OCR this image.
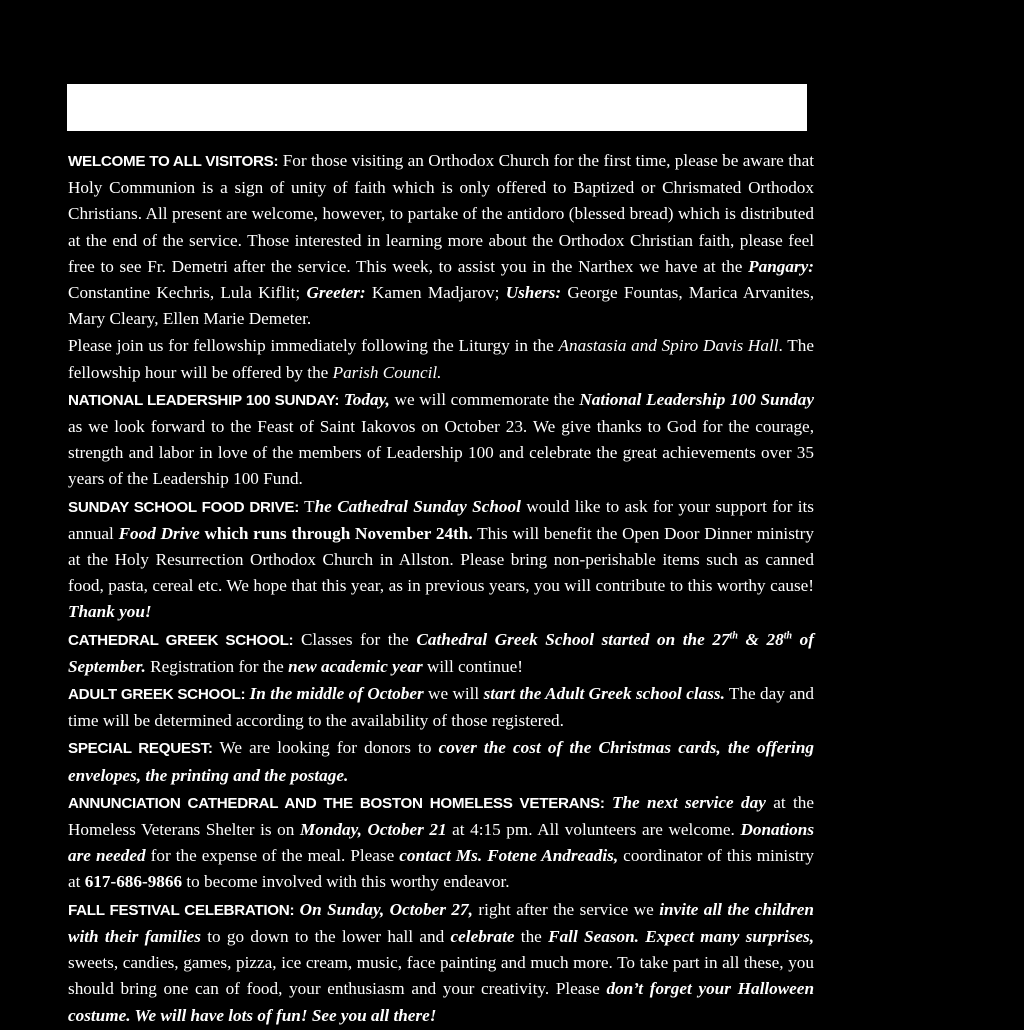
WELCOME TO ALL VISITORS: For those visiting an Orthodox Church for the first time, please be aware that Holy Communion is a sign of unity of faith which is only offered to Baptized or Chrismated Orthodox Christians. All present are welcome, however, to partake of the antidoro (blessed bread) which is distributed at the end of the service. Those interested in learning more about the Orthodox Christian faith, please feel free to see Fr. Demetri after the service. This week, to assist you in the Narthex we have at the Pangary: Constantine Kechris, Lula Kiflit; Greeter: Kamen Madjarov; Ushers: George Fountas, Marica Arvanites, Mary Cleary, Ellen Marie Demeter.

Please join us for fellowship immediately following the Liturgy in the Anastasia and Spiro Davis Hall. The fellowship hour will be offered by the Parish Council.

NATIONAL LEADERSHIP 100 SUNDAY: Today, we will commemorate the National Leadership 100 Sunday as we look forward to the Feast of Saint Iakovos on October 23. We give thanks to God for the courage, strength and labor in love of the members of Leadership 100 and celebrate the great achievements over 35 years of the Leadership 100 Fund.

SUNDAY SCHOOL FOOD DRIVE: The Cathedral Sunday School would like to ask for your support for its annual Food Drive which runs through November 24th. This will benefit the Open Door Dinner ministry at the Holy Resurrection Orthodox Church in Allston. Please bring non-perishable items such as canned food, pasta, cereal etc. We hope that this year, as in previous years, you will contribute to this worthy cause! Thank you!

CATHEDRAL GREEK SCHOOL: Classes for the Cathedral Greek School started on the 27th & 28th of September. Registration for the new academic year will continue!

ADULT GREEK SCHOOL: In the middle of October we will start the Adult Greek school class. The day and time will be determined according to the availability of those registered.

SPECIAL REQUEST: We are looking for donors to cover the cost of the Christmas cards, the offering envelopes, the printing and the postage.

ANNUNCIATION CATHEDRAL AND THE BOSTON HOMELESS VETERANS: The next service day at the Homeless Veterans Shelter is on Monday, October 21 at 4:15 pm. All volunteers are welcome. Donations are needed for the expense of the meal. Please contact Ms. Fotene Andreadis, coordinator of this ministry at 617-686-9866 to become involved with this worthy endeavor.

FALL FESTIVAL CELEBRATION: On Sunday, October 27, right after the service we invite all the children with their families to go down to the lower hall and celebrate the Fall Season. Expect many surprises, sweets, candies, games, pizza, ice cream, music, face painting and much more. To take part in all these, you should bring one can of food, your enthusiasm and your creativity. Please don’t forget your Halloween costume. We will have lots of fun! See you all there!
